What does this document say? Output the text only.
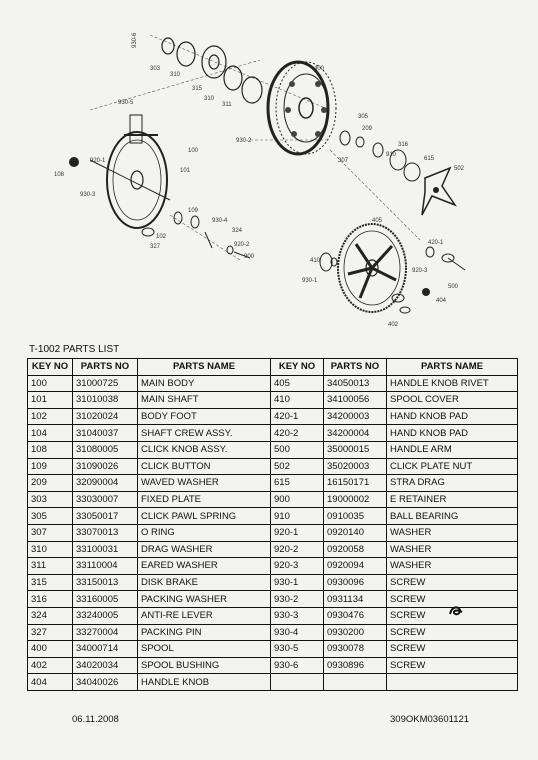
930-6
303
310
315
310
311
930-5
100
101
920-1
108
930-3
109
930-4
324
920-2
900
102
327
930-2
400
307
305
209
316
410
405
420-1
920-3
500
502
910
615
404
402
930-1
T-1002 PARTS LIST
KEY NO	PARTS NO	PARTS NAME	KEY NO	PARTS NO	PARTS NAME
100	31000725	MAIN BODY	405	34050013	HANDLE KNOB RIVET
101	31010038	MAIN SHAFT	410	34100056	SPOOL COVER
102	31020024	BODY FOOT	420-1	34200003	HAND KNOB PAD
104	31040037	SHAFT CREW ASSY.	420-2	34200004	HAND KNOB PAD
108	31080005	CLICK KNOB ASSY.	500	35000015	HANDLE ARM
109	31090026	CLICK BUTTON	502	35020003	CLICK PLATE NUT
209	32090004	WAVED WASHER	615	16150171	STRA DRAG
303	33030007	FIXED PLATE	900	19000002	E RETAINER
305	33050017	CLICK PAWL SPRING	910	0910035	BALL BEARING
307	33070013	O RING	920-1	0920140	WASHER
310	33100031	DRAG WASHER	920-2	0920058	WASHER
311	33110004	EARED WASHER	920-3	0920094	WASHER
315	33150013	DISK BRAKE	930-1	0930096	SCREW
316	33160005	PACKING WASHER	930-2	0931134	SCREW
324	33240005	ANTI-RE LEVER	930-3	0930476	SCREW
327	33270004	PACKING PIN	930-4	0930200	SCREW
400	34000714	SPOOL	930-5	0930078	SCREW
402	34020034	SPOOL BUSHING	930-6	0930896	SCREW
404	34040026	HANDLE KNOB			
06.11.2008	309OKM03601121
